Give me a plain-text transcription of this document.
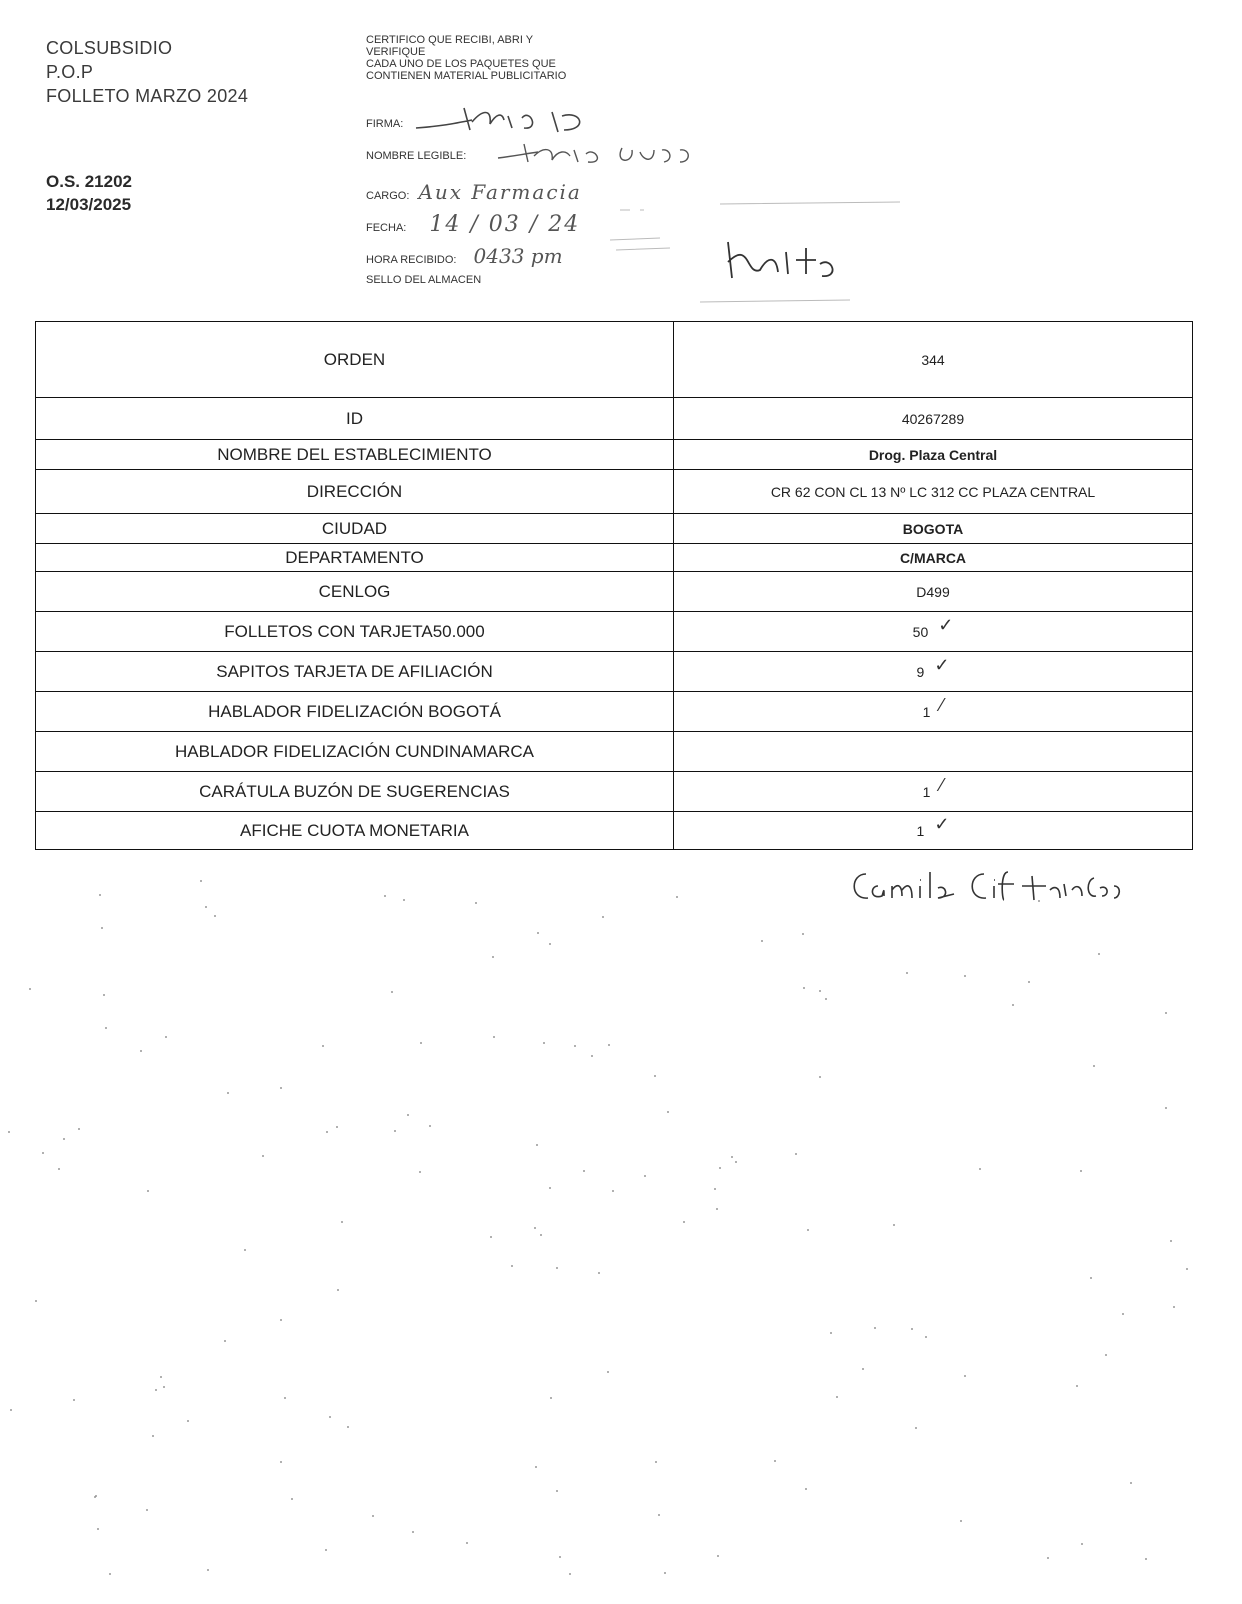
COLSUBSIDIO
P.O.P
FOLLETO MARZO 2024
O.S. 21202
12/03/2025
CERTIFICO QUE RECIBI, ABRI Y
VERIFIQUE
CADA UNO DE LOS PAQUETES QUE
CONTIENEN MATERIAL PUBLICITARIO
FIRMA:
NOMBRE LEGIBLE:
CARGO: Aux Farmacia
FECHA: 14 / 03 / 24
HORA RECIBIDO: 0433 pm
SELLO DEL ALMACEN
ORDEN	344
ID	40267289
NOMBRE DEL ESTABLECIMIENTO	Drog. Plaza Central
DIRECCIÓN	CR 62 CON CL 13 Nº LC 312 CC PLAZA CENTRAL
CIUDAD	BOGOTA
DEPARTAMENTO	C/MARCA
CENLOG	D499
FOLLETOS CON TARJETA50.000	50 ✓
SAPITOS TARJETA DE AFILIACIÓN	9 ✓
HABLADOR FIDELIZACIÓN BOGOTÁ	1 ⁄
HABLADOR FIDELIZACIÓN CUNDINAMARCA	
CARÁTULA BUZÓN DE SUGERENCIAS	1 ⁄
AFICHE CUOTA MONETARIA	1 ✓
